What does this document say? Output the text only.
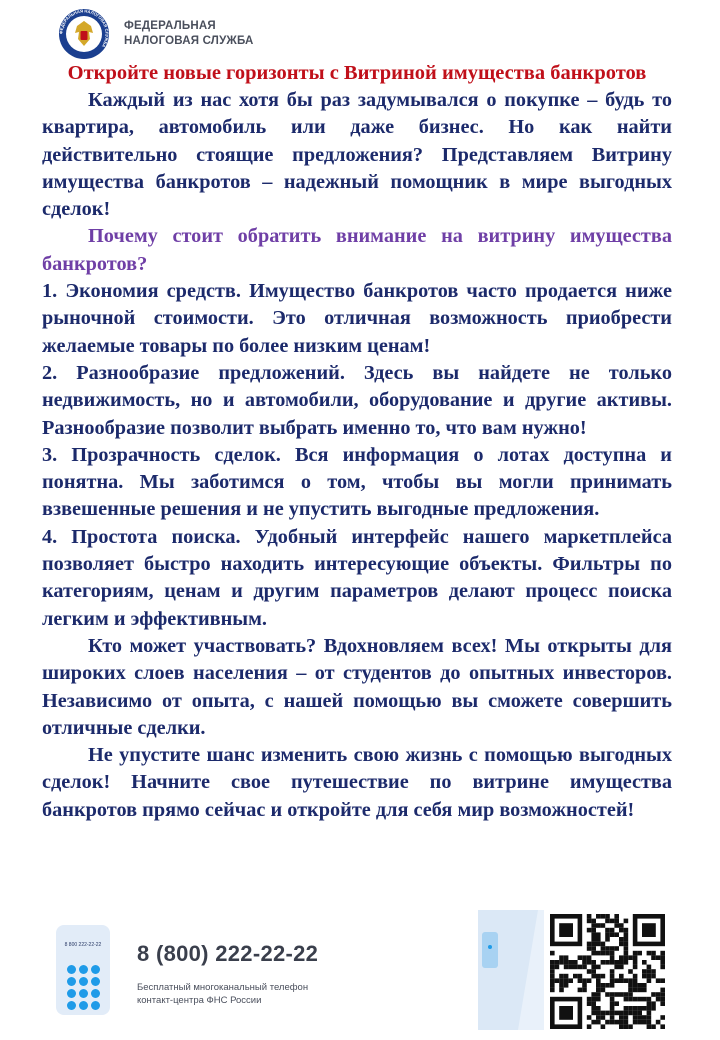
ФЕДЕРАЛЬНАЯ НАЛОГОВАЯ СЛУЖБА
ФЕДЕРАЛЬНАЯ
НАЛОГОВАЯ СЛУЖБА

Откройте новые горизонты с Витриной имущества банкротов

Каждый из нас хотя бы раз задумывался о покупке – будь то квартира, автомобиль или даже бизнес. Но как найти действительно стоящие предложения? Представляем Витрину имущества банкротов – надежный помощник в мире выгодных сделок!

Почему стоит обратить внимание на витрину имущества банкротов?

1. Экономия средств. Имущество банкротов часто продается ниже рыночной стоимости. Это отличная возможность приобрести желаемые товары по более низким ценам!

2. Разнообразие предложений. Здесь вы найдете не только недвижимость, но и автомобили, оборудование и другие активы. Разнообразие позволит выбрать именно то, что вам нужно!

3. Прозрачность сделок. Вся информация о лотах доступна и понятна. Мы заботимся о том, чтобы вы могли принимать взвешенные решения и не упустить выгодные предложения.

4. Простота поиска. Удобный интерфейс нашего маркетплейса позволяет быстро находить интересующие объекты. Фильтры по категориям, ценам и другим параметров делают процесс поиска легким и эффективным.

Кто может участвовать? Вдохновляем всех! Мы открыты для широких слоев населения – от студентов до опытных инвесторов. Независимо от опыта, с нашей помощью вы сможете совершить отличные сделки.

Не упустите шанс изменить свою жизнь с помощью выгодных сделок! Начните свое путешествие по витрине имущества банкротов прямо сейчас и откройте для себя мир возможностей!

8 800 222-22-22	8 (800) 222-22-22
Бесплатный многоканальный телефон
контакт-центра ФНС России
